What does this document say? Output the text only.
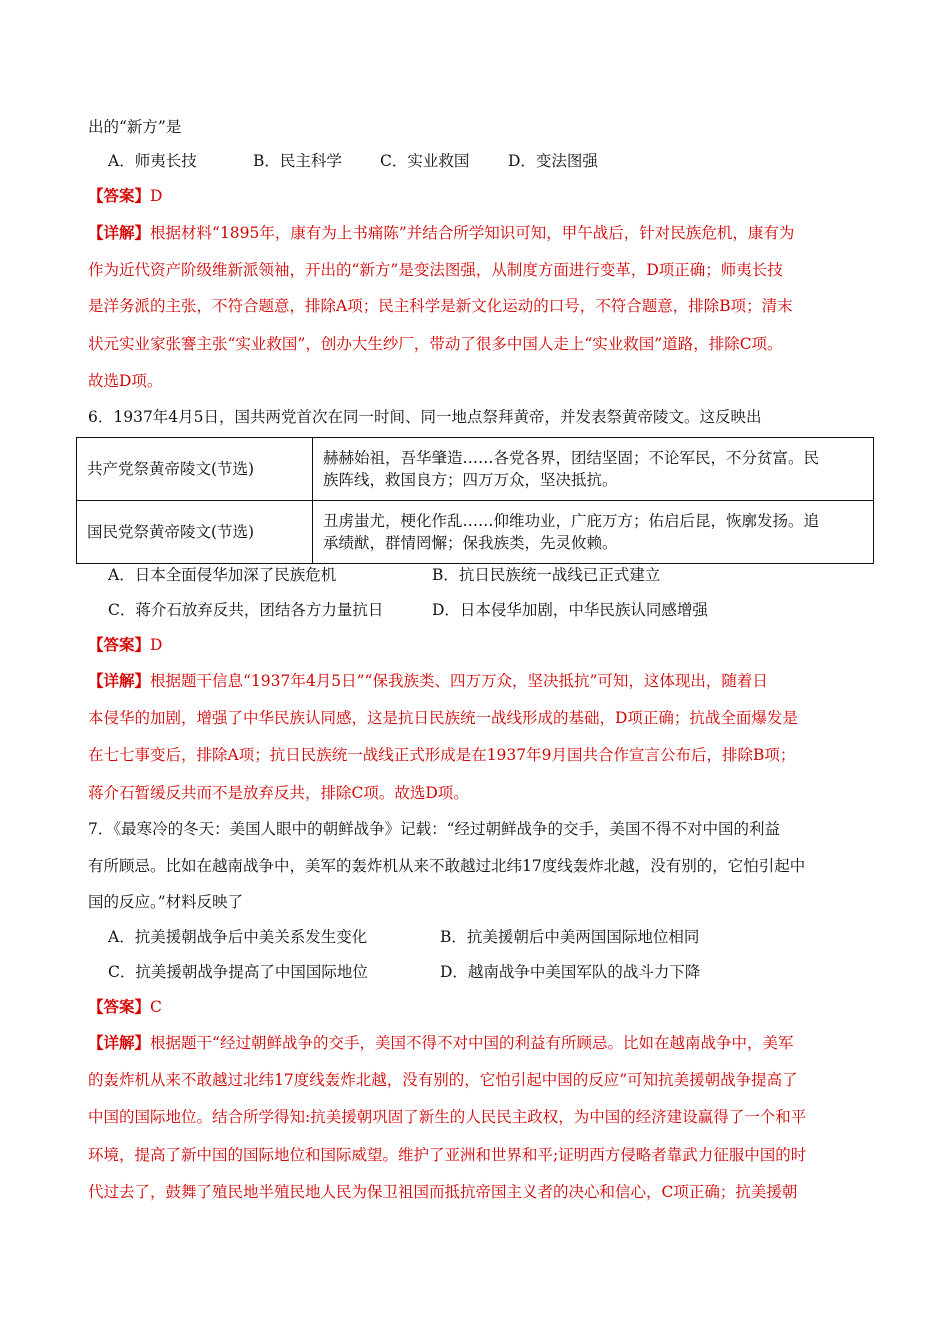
出的“新方”是
A．师夷长技	B．民主科学 C．实业救国 D．变法图强
【答案】D
【详解】根据材料“1895年，康有为上书痛陈”并结合所学知识可知，甲午战后，针对民族危机，康有为
作为近代资产阶级维新派领袖，开出的“新方”是变法图强，从制度方面进行变革，D项正确；师夷长技
是洋务派的主张，不符合题意，排除A项；民主科学是新文化运动的口号，不符合题意，排除B项；清末
状元实业家张謇主张“实业救国”，创办大生纱厂，带动了很多中国人走上“实业救国”道路，排除C项。
故选D项。
6．1937年4月5日，国共两党首次在同一时间、同一地点祭拜黄帝，并发表祭黄帝陵文。这反映出
共产党祭黄帝陵文(节选)	赫赫始祖，吾华肇造……各党各界，团结坚固；不论军民，不分贫富。民
族阵线，救国良方；四万万众，坚决抵抗。

国民党祭黄帝陵文(节选)	丑虏蚩尤，梗化作乱……仰维功业，广庇万方；佑启后昆，恢廓发扬。追
承绩猷，群情罔懈；保我族类，先灵攸赖。
A．日本全面侵华加深了民族危机	B．抗日民族统一战线已正式建立
C．蒋介石放弃反共，团结各方力量抗日	D．日本侵华加剧，中华民族认同感增强
【答案】D
【详解】根据题干信息“1937年4月5日”“保我族类、四万万众，坚决抵抗”可知，这体现出，随着日
本侵华的加剧，增强了中华民族认同感，这是抗日民族统一战线形成的基础，D项正确；抗战全面爆发是
在七七事变后，排除A项；抗日民族统一战线正式形成是在1937年9月国共合作宣言公布后，排除B项；
蒋介石暂缓反共而不是放弃反共，排除C项。故选D项。
7．《最寒冷的冬天：美国人眼中的朝鲜战争》记载：“经过朝鲜战争的交手，美国不得不对中国的利益
有所顾忌。比如在越南战争中，美军的轰炸机从来不敢越过北纬17度线轰炸北越，没有别的，它怕引起中
国的反应。”材料反映了
A．抗美援朝战争后中美关系发生变化	B．抗美援朝后中美两国国际地位相同
C．抗美援朝战争提高了中国国际地位	D．越南战争中美国军队的战斗力下降
【答案】C
【详解】根据题干“经过朝鲜战争的交手，美国不得不对中国的利益有所顾忌。比如在越南战争中，美军
的轰炸机从来不敢越过北纬17度线轰炸北越，没有别的，它怕引起中国的反应”可知抗美援朝战争提高了
中国的国际地位。结合所学得知:抗美援朝巩固了新生的人民民主政权，为中国的经济建设赢得了一个和平
环境，提高了新中国的国际地位和国际威望。维护了亚洲和世界和平;证明西方侵略者靠武力征服中国的时
代过去了，鼓舞了殖民地半殖民地人民为保卫祖国而抵抗帝国主义者的决心和信心，C项正确；抗美援朝
